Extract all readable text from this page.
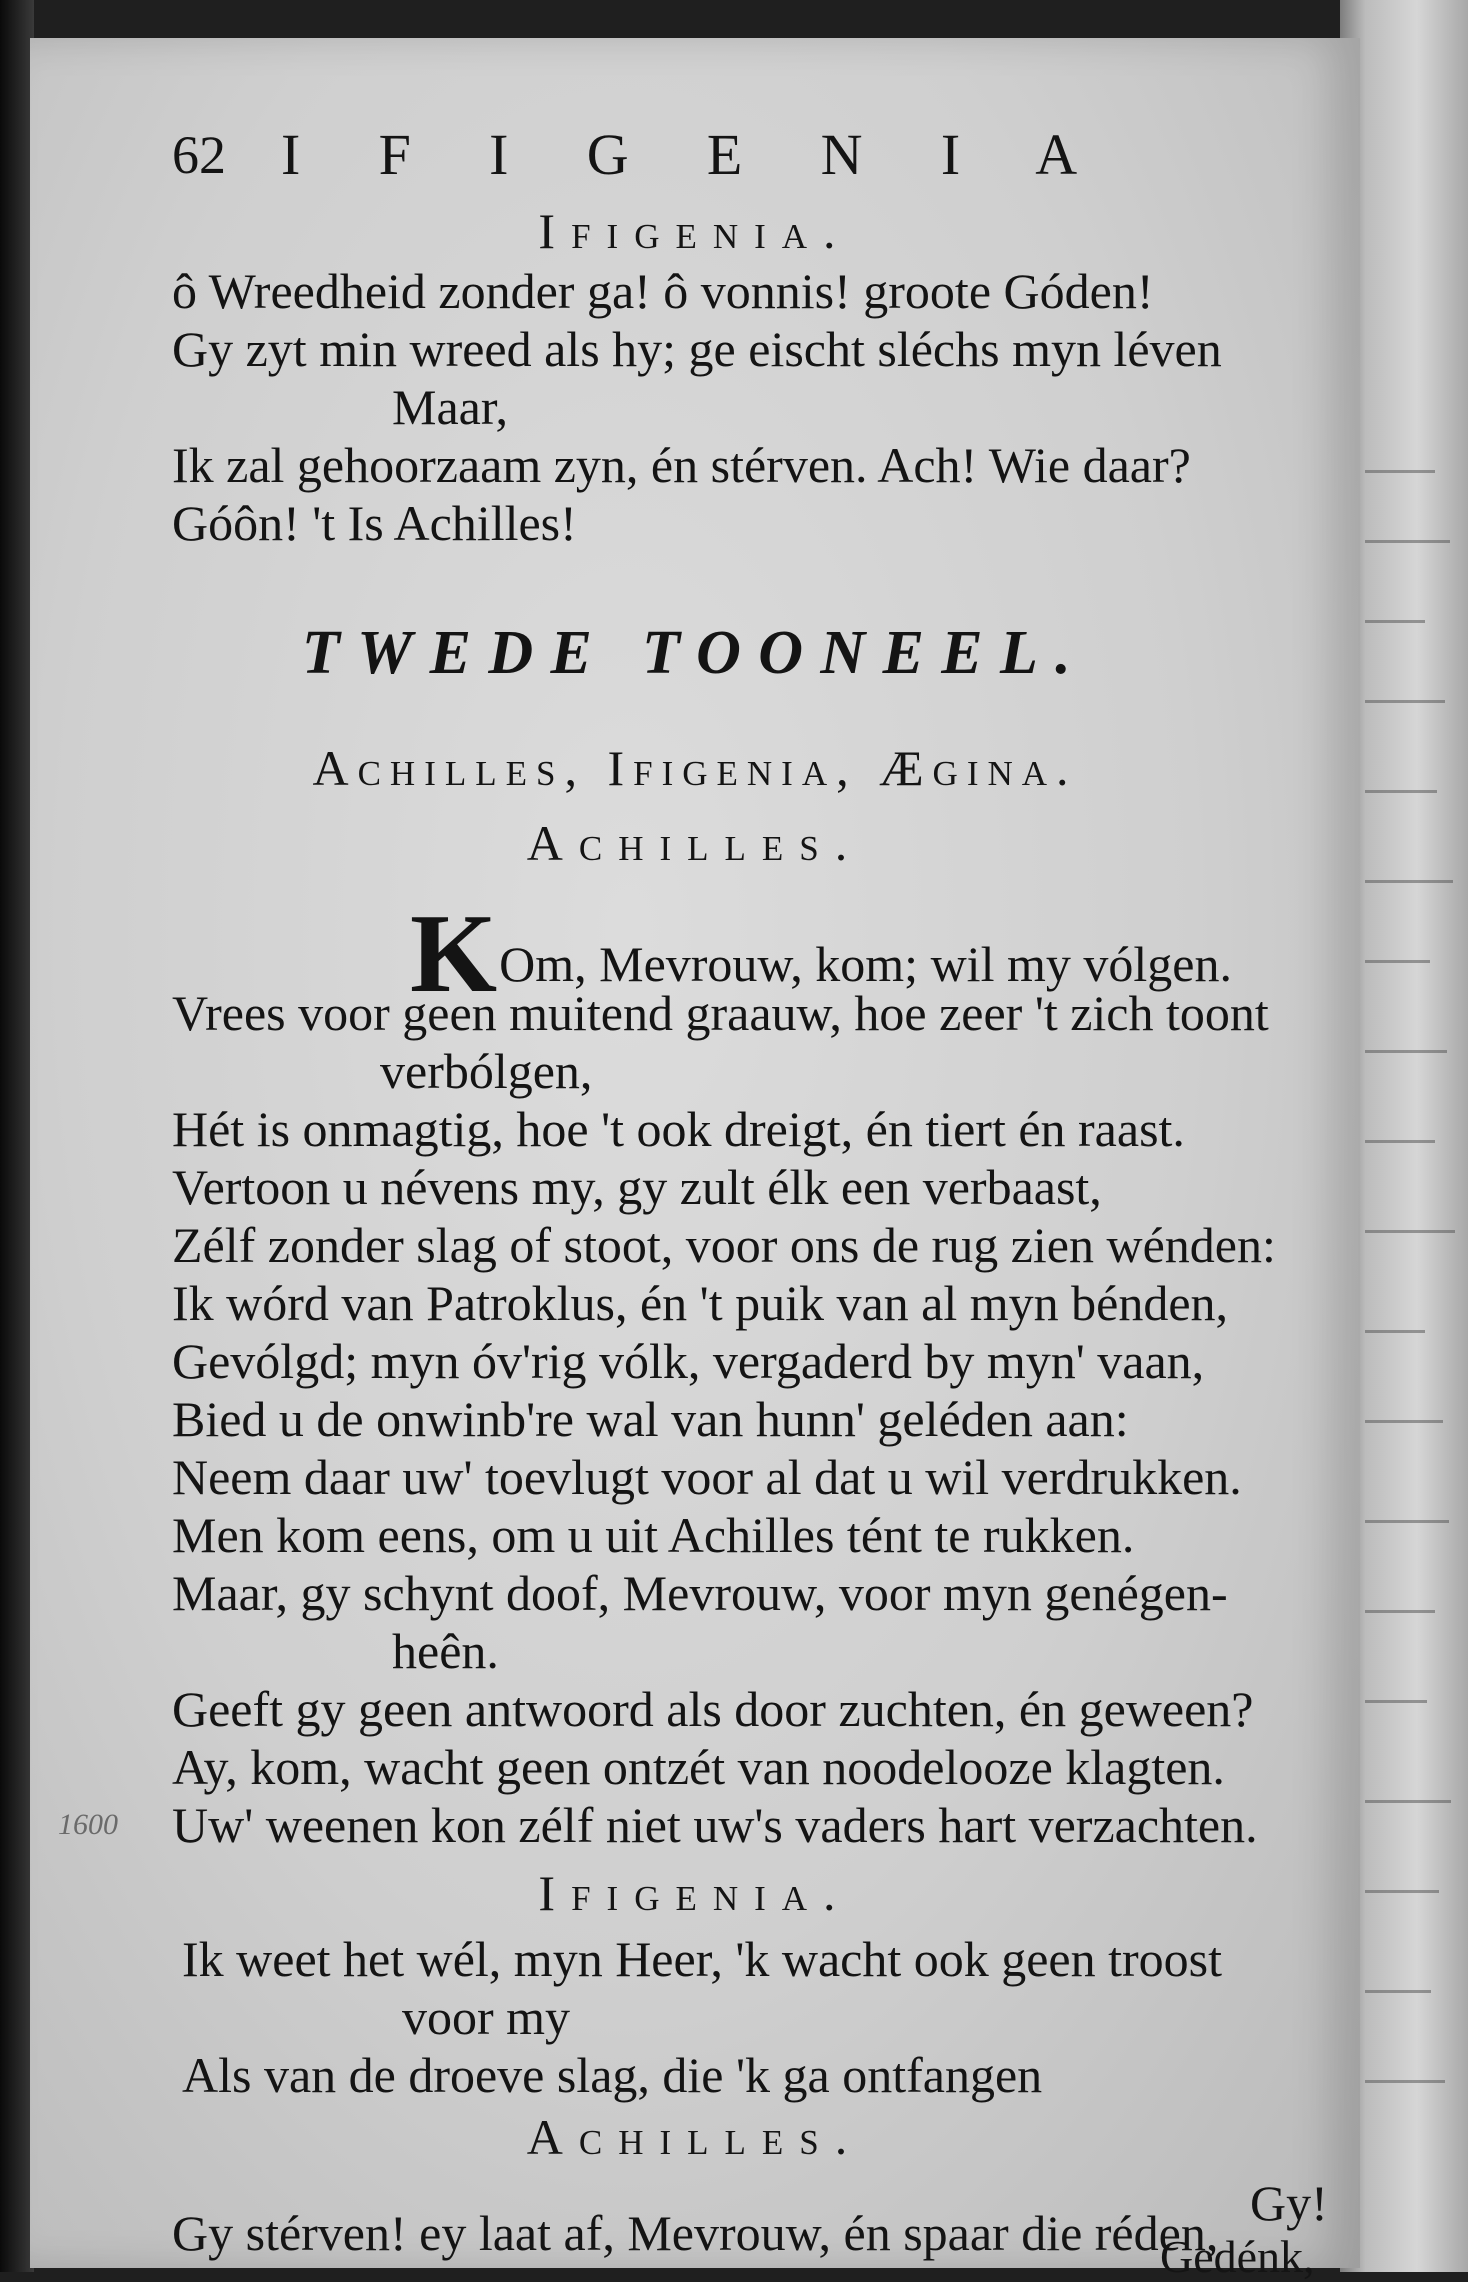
62 I F I G E N I A
Ifigenia.
ô Wreedheid zonder ga! ô vonnis! groote Góden!
Gy zyt min wreed als hy; ge eischt sléchs myn léven
Maar,
Ik zal gehoorzaam zyn, én stérven. Ach! Wie daar?
Góôn! 't Is Achilles!
TWEDE TOONEEL.
Achilles, Ifigenia, Ægina.
Achilles.
KOm, Mevrouw, kom; wil my vólgen.
Vrees voor geen muitend graauw, hoe zeer 't zich toont
verbólgen,
Hét is onmagtig, hoe 't ook dreigt, én tiert én raast.
Vertoon u névens my, gy zult élk een verbaast,
Zélf zonder slag of stoot, voor ons de rug zien wénden:
Ik wórd van Patroklus, én 't puik van al myn bénden,
Gevólgd; myn óv'rig vólk, vergaderd by myn' vaan,
Bied u de onwinb're wal van hunn' geléden aan:
Neem daar uw' toevlugt voor al dat u wil verdrukken.
Men kom eens, om u uit Achilles tént te rukken.
Maar, gy schynt doof, Mevrouw, voor myn genégen-
heên.
Geeft gy geen antwoord als door zuchten, én geween?
Ay, kom, wacht geen ontzét van noodelooze klagten.
Uw' weenen kon zélf niet uw's vaders hart verzachten.
1600
Ifigenia.
Ik weet het wél, myn Heer, 'k wacht ook geen troost
voor my
Als van de droeve slag, die 'k ga ontfangen
Achilles.
Gy!
Gy stérven! ey laat af, Mevrouw, én spaar die réden,
Gedénk,
